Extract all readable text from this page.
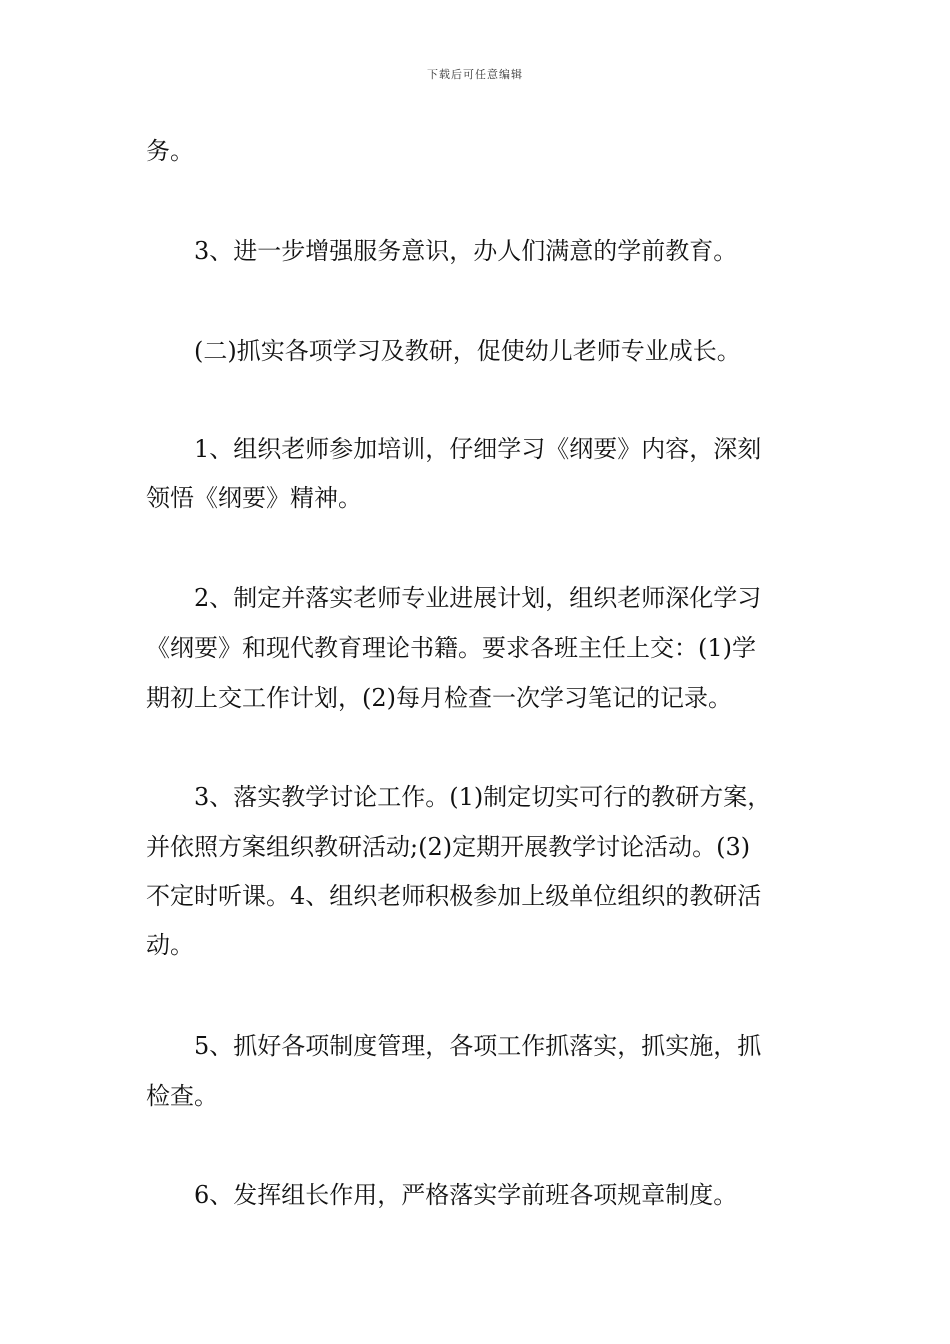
下载后可任意编辑
务。
3、进一步增强服务意识，办人们满意的学前教育。
(二)抓实各项学习及教研，促使幼儿老师专业成长。
1、组织老师参加培训，仔细学习《纲要》内容，深刻
领悟《纲要》精神。
2、制定并落实老师专业进展计划，组织老师深化学习
《纲要》和现代教育理论书籍。要求各班主任上交：(1)学
期初上交工作计划，(2)每月检查一次学习笔记的记录。
3、落实教学讨论工作。(1)制定切实可行的教研方案，
并依照方案组织教研活动;(2)定期开展教学讨论活动。(3)
不定时听课。4、组织老师积极参加上级单位组织的教研活
动。
5、抓好各项制度管理，各项工作抓落实，抓实施，抓
检查。
6、发挥组长作用，严格落实学前班各项规章制度。
